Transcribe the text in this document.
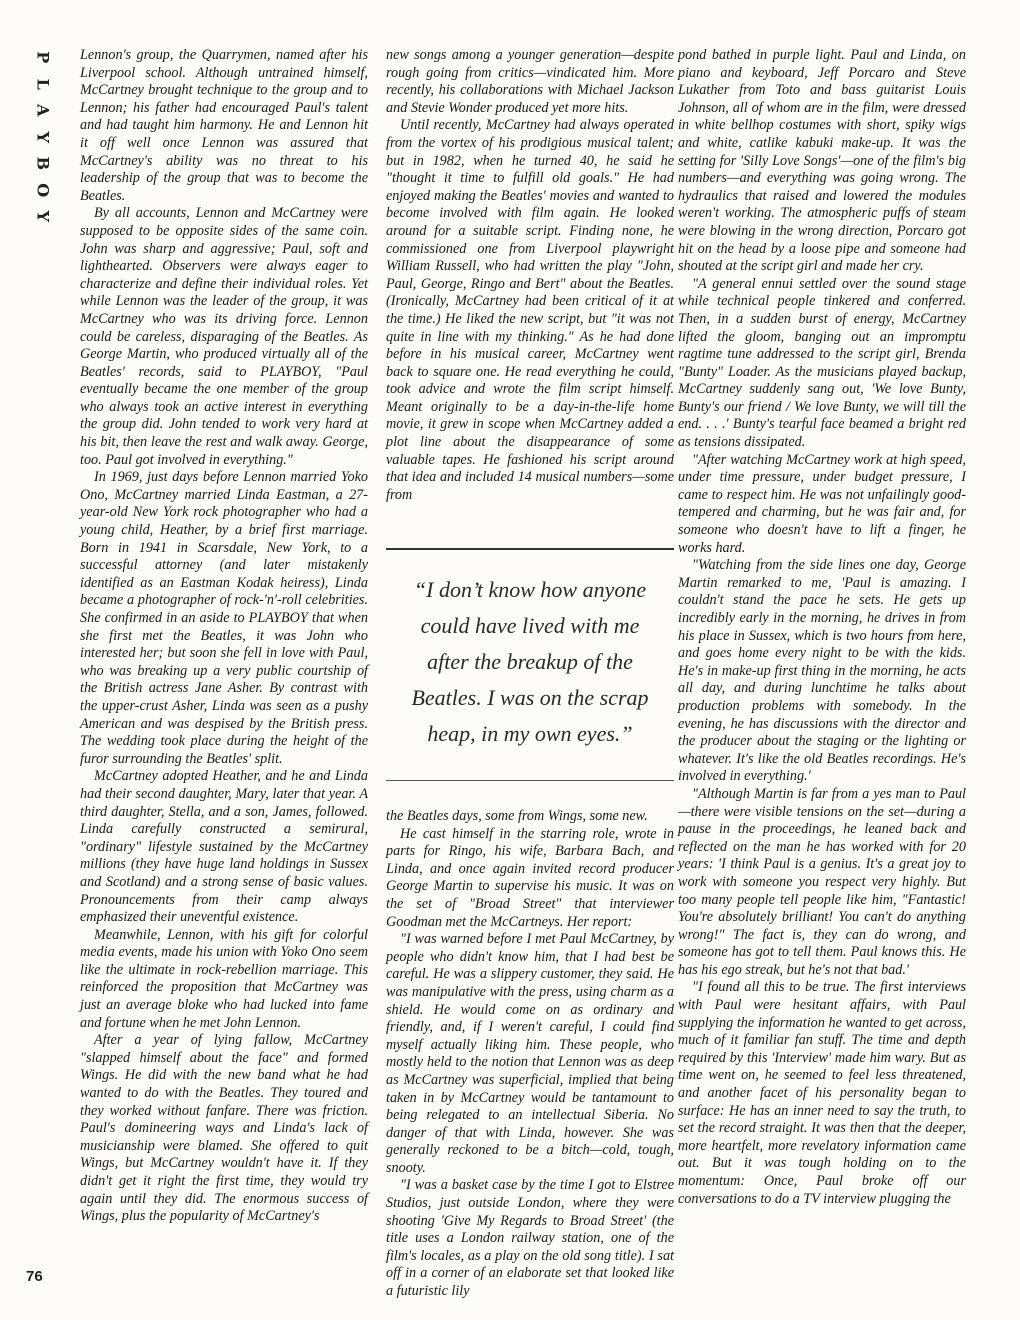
P
L
A
Y
B
O
Y

Lennon's group, the Quarrymen, named after his Liverpool school. Although untrained himself, McCartney brought technique to the group and to Lennon; his father had encouraged Paul's talent and had taught him harmony. He and Lennon hit it off well once Lennon was assured that McCartney's ability was no threat to his leadership of the group that was to become the Beatles.

By all accounts, Lennon and McCartney were supposed to be opposite sides of the same coin. John was sharp and aggressive; Paul, soft and lighthearted. Observers were always eager to characterize and define their individual roles. Yet while Lennon was the leader of the group, it was McCartney who was its driving force. Lennon could be careless, disparaging of the Beatles. As George Martin, who produced virtually all of the Beatles' records, said to PLAYBOY, "Paul eventually became the one member of the group who always took an active interest in everything the group did. John tended to work very hard at his bit, then leave the rest and walk away. George, too. Paul got involved in everything."

In 1969, just days before Lennon married Yoko Ono, McCartney married Linda Eastman, a 27-year-old New York rock photographer who had a young child, Heather, by a brief first marriage. Born in 1941 in Scarsdale, New York, to a successful attorney (and later mistakenly identified as an Eastman Kodak heiress), Linda became a photographer of rock-'n'-roll celebrities. She confirmed in an aside to PLAYBOY that when she first met the Beatles, it was John who interested her; but soon she fell in love with Paul, who was breaking up a very public courtship of the British actress Jane Asher. By contrast with the upper-crust Asher, Linda was seen as a pushy American and was despised by the British press. The wedding took place during the height of the furor surrounding the Beatles' split.

McCartney adopted Heather, and he and Linda had their second daughter, Mary, later that year. A third daughter, Stella, and a son, James, followed. Linda carefully constructed a semirural, "ordinary" lifestyle sustained by the McCartney millions (they have huge land holdings in Sussex and Scotland) and a strong sense of basic values. Pronouncements from their camp always emphasized their uneventful existence.

Meanwhile, Lennon, with his gift for colorful media events, made his union with Yoko Ono seem like the ultimate in rock-rebellion marriage. This reinforced the proposition that McCartney was just an average bloke who had lucked into fame and fortune when he met John Lennon.

After a year of lying fallow, McCartney "slapped himself about the face" and formed Wings. He did with the new band what he had wanted to do with the Beatles. They toured and they worked without fanfare. There was friction. Paul's domineering ways and Linda's lack of musicianship were blamed. She offered to quit Wings, but McCartney wouldn't have it. If they didn't get it right the first time, they would try again until they did. The enormous success of Wings, plus the popularity of McCartney's

new songs among a younger generation—despite rough going from critics—vindicated him. More recently, his collaborations with Michael Jackson and Stevie Wonder produced yet more hits.

Until recently, McCartney had always operated from the vortex of his prodigious musical talent; but in 1982, when he turned 40, he said he "thought it time to fulfill old goals." He had enjoyed making the Beatles' movies and wanted to become involved with film again. He looked around for a suitable script. Finding none, he commissioned one from Liverpool playwright William Russell, who had written the play "John, Paul, George, Ringo and Bert" about the Beatles. (Ironically, McCartney had been critical of it at the time.) He liked the new script, but "it was not quite in line with my thinking." As he had done before in his musical career, McCartney went back to square one. He read everything he could, took advice and wrote the film script himself. Meant originally to be a day-in-the-life home movie, it grew in scope when McCartney added a plot line about the disappearance of some valuable tapes. He fashioned his script around that idea and included 14 musical numbers—some from

“I don’t know how anyone could have lived with me after the breakup of the Beatles. I was on the scrap heap, in my own eyes.”

the Beatles days, some from Wings, some new.

He cast himself in the starring role, wrote in parts for Ringo, his wife, Barbara Bach, and Linda, and once again invited record producer George Martin to supervise his music. It was on the set of "Broad Street" that interviewer Goodman met the McCartneys. Her report:

"I was warned before I met Paul McCartney, by people who didn't know him, that I had best be careful. He was a slippery customer, they said. He was manipulative with the press, using charm as a shield. He would come on as ordinary and friendly, and, if I weren't careful, I could find myself actually liking him. These people, who mostly held to the notion that Lennon was as deep as McCartney was superficial, implied that being taken in by McCartney would be tantamount to being relegated to an intellectual Siberia. No danger of that with Linda, however. She was generally reckoned to be a bitch—cold, tough, snooty.

"I was a basket case by the time I got to Elstree Studios, just outside London, where they were shooting 'Give My Regards to Broad Street' (the title uses a London railway station, one of the film's locales, as a play on the old song title). I sat off in a corner of an elaborate set that looked like a futuristic lily

pond bathed in purple light. Paul and Linda, on piano and keyboard, Jeff Porcaro and Steve Lukather from Toto and bass guitarist Louis Johnson, all of whom are in the film, were dressed in white bellhop costumes with short, spiky wigs and white, catlike kabuki make-up. It was the setting for 'Silly Love Songs'—one of the film's big numbers—and everything was going wrong. The hydraulics that raised and lowered the modules weren't working. The atmospheric puffs of steam were blowing in the wrong direction, Porcaro got hit on the head by a loose pipe and someone had shouted at the script girl and made her cry.

"A general ennui settled over the sound stage while technical people tinkered and conferred. Then, in a sudden burst of energy, McCartney lifted the gloom, banging out an impromptu ragtime tune addressed to the script girl, Brenda "Bunty" Loader. As the musicians played backup, McCartney suddenly sang out, 'We love Bunty, Bunty's our friend / We love Bunty, we will till the end. . . .' Bunty's tearful face beamed a bright red as tensions dissipated.

"After watching McCartney work at high speed, under time pressure, under budget pressure, I came to respect him. He was not unfailingly good-tempered and charming, but he was fair and, for someone who doesn't have to lift a finger, he works hard.

"Watching from the side lines one day, George Martin remarked to me, 'Paul is amazing. I couldn't stand the pace he sets. He gets up incredibly early in the morning, he drives in from his place in Sussex, which is two hours from here, and goes home every night to be with the kids. He's in make-up first thing in the morning, he acts all day, and during lunchtime he talks about production problems with somebody. In the evening, he has discussions with the director and the producer about the staging or the lighting or whatever. It's like the old Beatles recordings. He's involved in everything.'

"Although Martin is far from a yes man to Paul—there were visible tensions on the set—during a pause in the proceedings, he leaned back and reflected on the man he has worked with for 20 years: 'I think Paul is a genius. It's a great joy to work with someone you respect very highly. But too many people tell people like him, "Fantastic! You're absolutely brilliant! You can't do anything wrong!" The fact is, they can do wrong, and someone has got to tell them. Paul knows this. He has his ego streak, but he's not that bad.'

"I found all this to be true. The first interviews with Paul were hesitant affairs, with Paul supplying the information he wanted to get across, much of it familiar fan stuff. The time and depth required by this 'Interview' made him wary. But as time went on, he seemed to feel less threatened, and another facet of his personality began to surface: He has an inner need to say the truth, to set the record straight. It was then that the deeper, more heartfelt, more revelatory information came out. But it was tough holding on to the momentum: Once, Paul broke off our conversations to do a TV interview plugging the

76
